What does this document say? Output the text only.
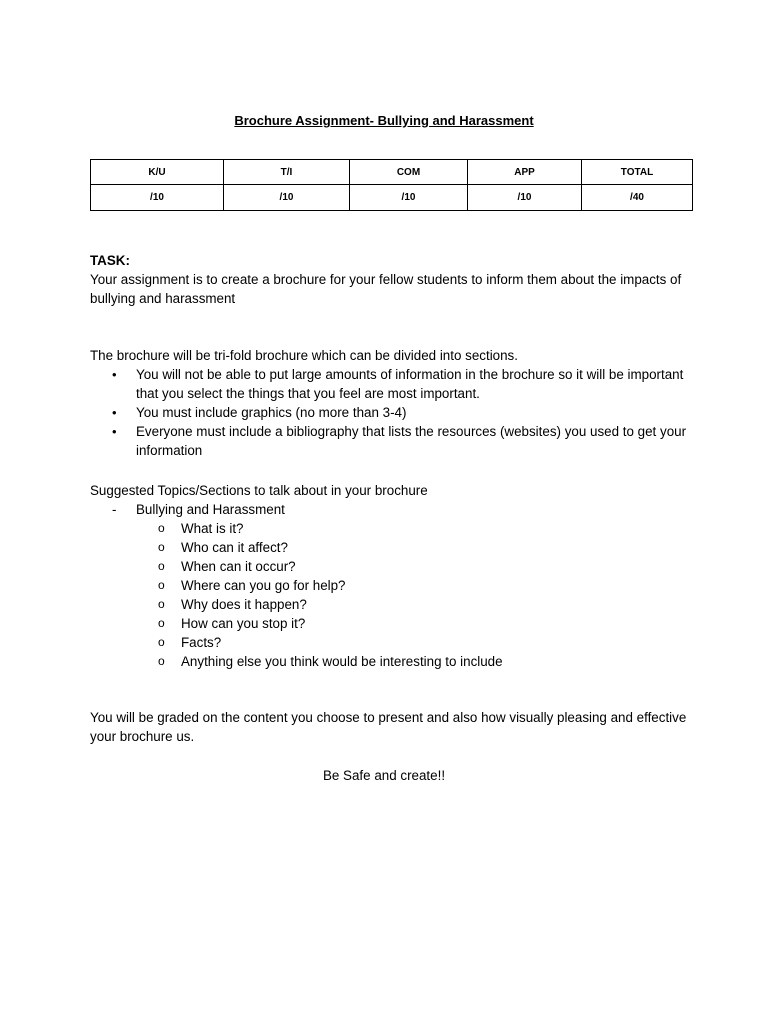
Brochure Assignment- Bullying and Harassment
K/U	T/I	COM	APP	TOTAL
/10	/10	/10	/10	/40
TASK:
Your assignment is to create a brochure for your fellow students to inform them about the impacts of bullying and harassment
The brochure will be tri-fold brochure which can be divided into sections.
• You will not be able to put large amounts of information in the brochure so it will be important that you select the things that you feel are most important.
• You must include graphics (no more than 3-4)
• Everyone must include a bibliography that lists the resources (websites) you used to get your information
Suggested Topics/Sections to talk about in your brochure
- Bullying and Harassment
o What is it?
o Who can it affect?
o When can it occur?
o Where can you go for help?
o Why does it happen?
o How can you stop it?
o Facts?
o Anything else you think would be interesting to include
You will be graded on the content you choose to present and also how visually pleasing and effective your brochure us.
Be Safe and create!!
